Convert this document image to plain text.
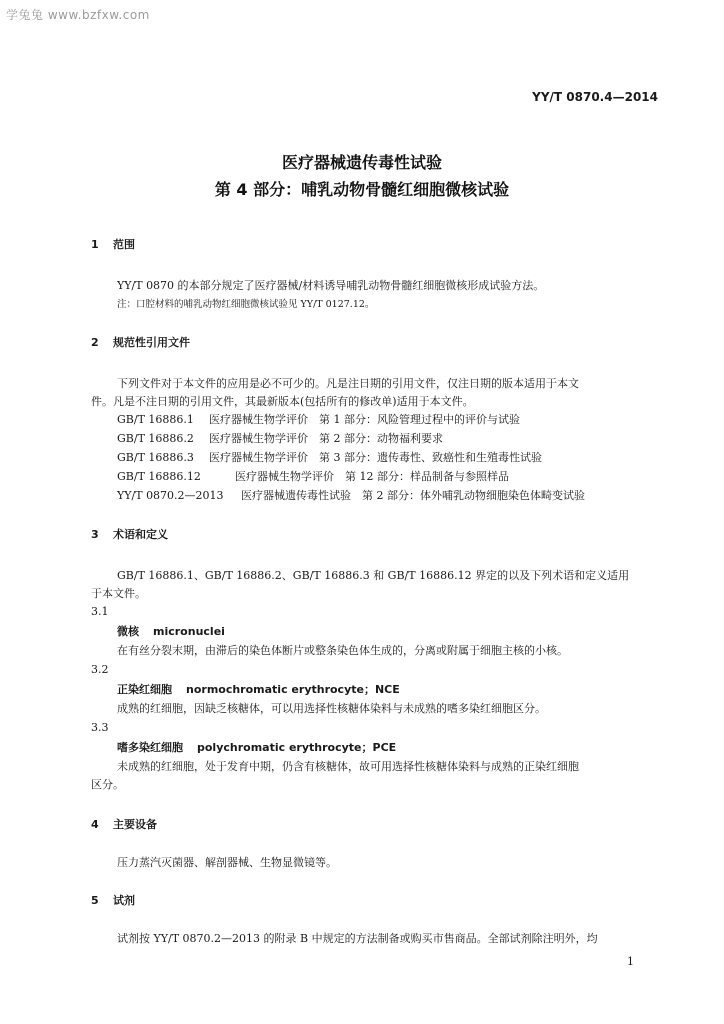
学兔兔 www.bzfxw.com
YY/T 0870.4—2014
医疗器械遗传毒性试验
第 4 部分：哺乳动物骨髓红细胞微核试验
1 范围
YY/T 0870 的本部分规定了医疗器械/材料诱导哺乳动物骨髓红细胞微核形成试验方法。
注：口腔材料的哺乳动物红细胞微核试验见 YY/T 0127.12。
2 规范性引用文件
下列文件对于本文件的应用是必不可少的。凡是注日期的引用文件，仅注日期的版本适用于本文
件。凡是不注日期的引用文件，其最新版本(包括所有的修改单)适用于本文件。
GB/T 16886.1 医疗器械生物学评价　第 1 部分：风险管理过程中的评价与试验
GB/T 16886.2 医疗器械生物学评价　第 2 部分：动物福利要求
GB/T 16886.3 医疗器械生物学评价　第 3 部分：遗传毒性、致癌性和生殖毒性试验
GB/T 16886.12	医疗器械生物学评价　第 12 部分：样品制备与参照样品
YY/T 0870.2—2013 医疗器械遗传毒性试验　第 2 部分：体外哺乳动物细胞染色体畸变试验
3 术语和定义
GB/T 16886.1、GB/T 16886.2、GB/T 16886.3 和 GB/T 16886.12 界定的以及下列术语和定义适用
于本文件。
3.1
微核 micronuclei
在有丝分裂末期，由滞后的染色体断片或整条染色体生成的，分离或附属于细胞主核的小核。
3.2
正染红细胞 normochromatic erythrocyte；NCE
成熟的红细胞，因缺乏核糖体，可以用选择性核糖体染料与未成熟的嗜多染红细胞区分。
3.3
嗜多染红细胞 polychromatic erythrocyte；PCE
未成熟的红细胞，处于发育中期，仍含有核糖体，故可用选择性核糖体染料与成熟的正染红细胞
区分。
4 主要设备
压力蒸汽灭菌器、解剖器械、生物显微镜等。
5 试剂
试剂按 YY/T 0870.2—2013 的附录 B 中规定的方法制备或购买市售商品。全部试剂除注明外，均
1
